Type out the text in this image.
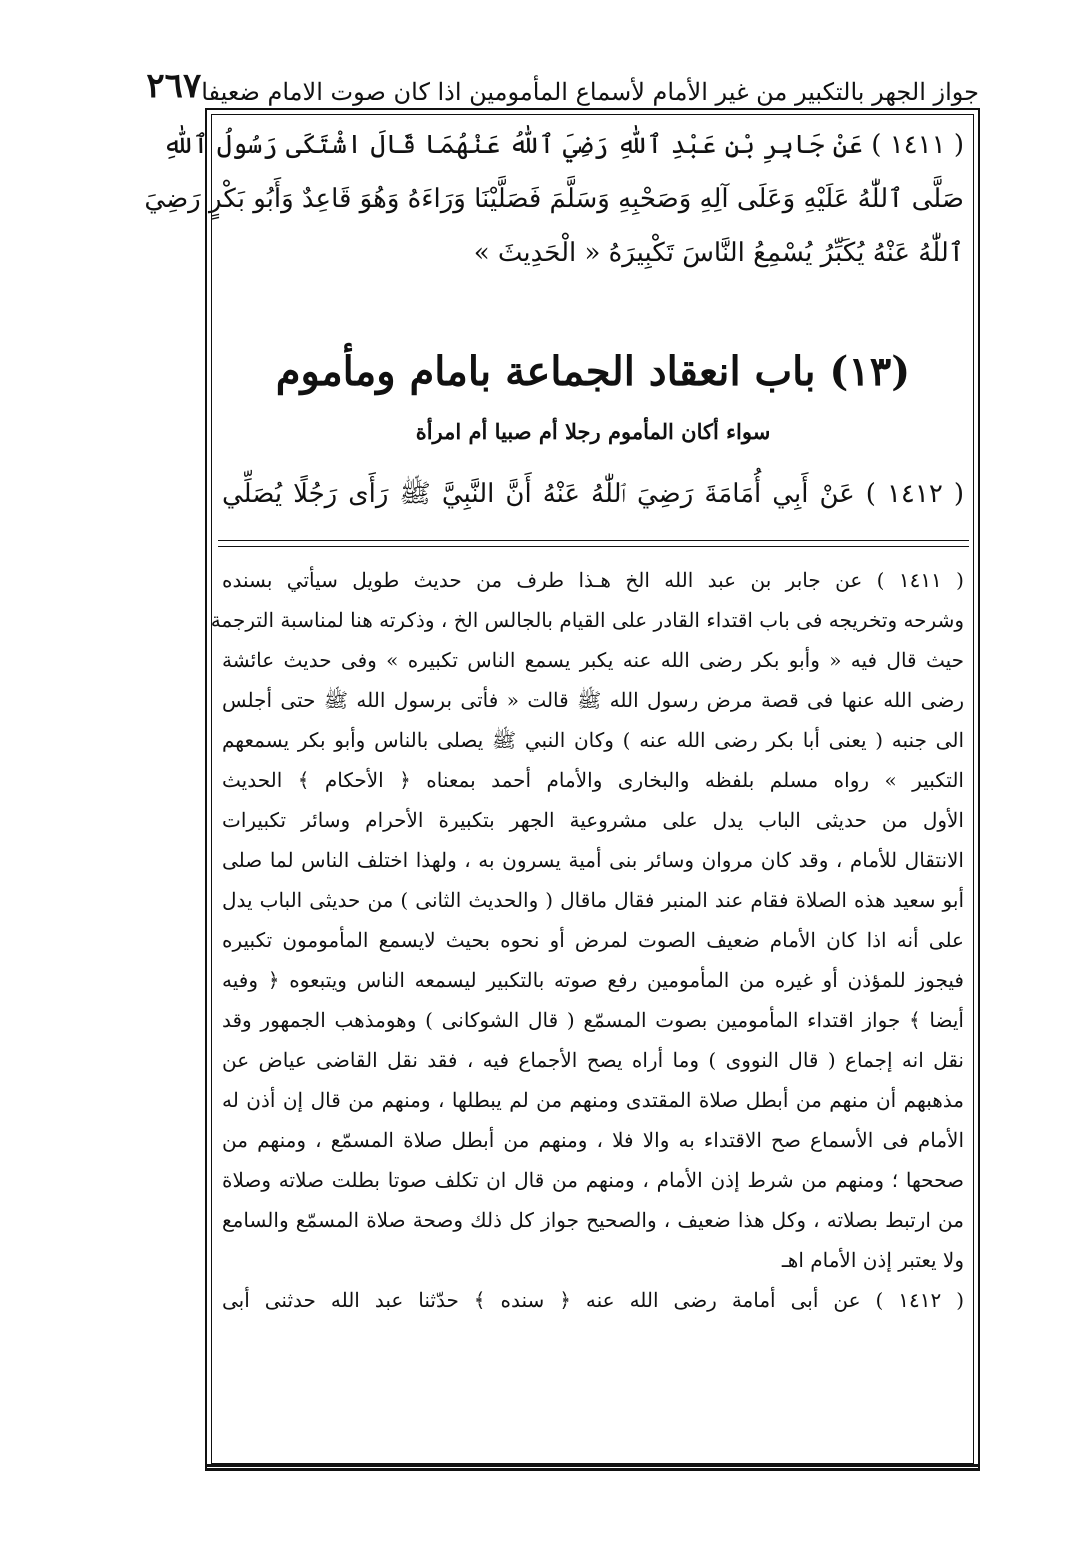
جواز الجهر بالتكبير من غير الأمام لأسماع المأمومين اذا كان صوت الامام ضعيفا
٢٦٧
( ١٤١١ ) عَنْ جَابِرِ بْنِ عَبْدِ ٱللّٰهِ رَضِيَ ٱللّٰهُ عَنْهُمَا قَالَ اشْتَكَى رَسُولُ ٱللّٰهِ
صَلَّى ٱللّٰهُ عَلَيْهِ وَعَلَى آلِهِ وَصَحْبِهِ وَسَلَّمَ فَصَلَّيْنَا وَرَاءَهُ وَهُوَ قَاعِدٌ وَأَبُو بَكْرٍ رَضِيَ
ٱللّٰهُ عَنْهُ يُكَبِّرُ يُسْمِعُ النَّاسَ تَكْبِيرَهُ « الْحَدِيثَ »
(١٣) باب انعقاد الجماعة بامام ومأموم
سواء أكان المأموم رجلا أم صبيا أم امرأة
( ١٤١٢ ) عَنْ أَبِي أُمَامَةَ رَضِيَ ٱللّٰهُ عَنْهُ أَنَّ النَّبِيَّ ﷺ رَأَى رَجُلًا يُصَلِّي
( ١٤١١ ) عن جابر بن عبد الله الخ هـذا طرف من حديث طويل سيأتي بسنده
وشرحه وتخريجه فى باب اقتداء القادر على القيام بالجالس الخ ، وذكرته هنا لمناسبة الترجمة
حيث قال فيه « وأبو بكر رضى الله عنه يكبر يسمع الناس تكبيره » وفى حديث عائشة
رضى الله عنها فى قصة مرض رسول الله ﷺ قالت « فأتى برسول الله ﷺ حتى أجلس
الى جنبه ( يعنى أبا بكر رضى الله عنه ) وكان النبي ﷺ يصلى بالناس وأبو بكر يسمعهم
التكبير » رواه مسلم بلفظه والبخارى والأمام أحمد بمعناه ﴿ الأحكام ﴾ الحديث
الأول من حديثى الباب يدل على مشروعية الجهر بتكبيرة الأحرام وسائر تكبيرات
الانتقال للأمام ، وقد كان مروان وسائر بنى أمية يسرون به ، ولهذا اختلف الناس لما صلى
أبو سعيد هذه الصلاة فقام عند المنبر فقال ماقال ( والحديث الثانى ) من حديثى الباب يدل
على أنه اذا كان الأمام ضعيف الصوت لمرض أو نحوه بحيث لايسمع المأمومون تكبيره
فيجوز للمؤذن أو غيره من المأمومين رفع صوته بالتكبير ليسمعه الناس ويتبعوه ﴿ وفيه
أيضا ﴾ جواز اقتداء المأمومين بصوت المسمّع ( قال الشوكانى ) وهومذهب الجمهور وقد
نقل انه إجماع ( قال النووى ) وما أراه يصح الأجماع فيه ، فقد نقل القاضى عياض عن
مذهبهم أن منهم من أبطل صلاة المقتدى ومنهم من لم يبطلها ، ومنهم من قال إن أذن له
الأمام فى الأسماع صح الاقتداء به والا فلا ، ومنهم من أبطل صلاة المسمّع ، ومنهم من
صححها ؛ ومنهم من شرط إذن الأمام ، ومنهم من قال ان تكلف صوتا بطلت صلاته وصلاة
من ارتبط بصلاته ، وكل هذا ضعيف ، والصحيح جواز كل ذلك وصحة صلاة المسمّع والسامع
ولا يعتبر إذن الأمام اهـ
( ١٤١٢ ) عن أبى أمامة رضى الله عنه ﴿ سنده ﴾ حدّثنا عبد الله حدثنى أبى
